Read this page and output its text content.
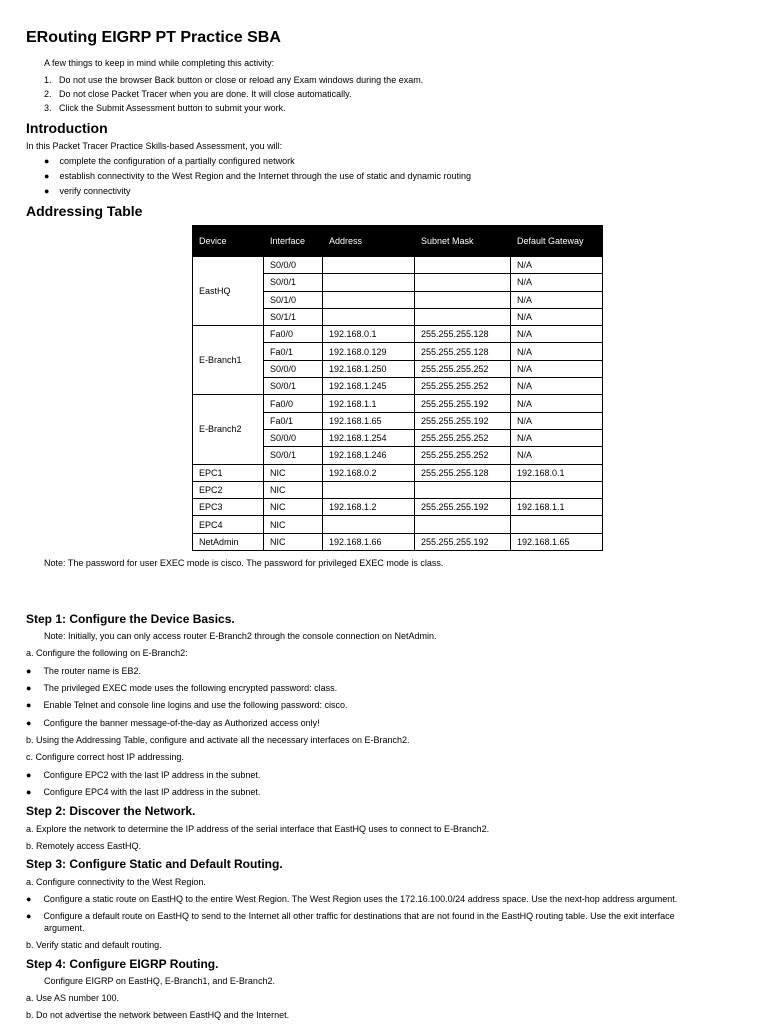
ERouting EIGRP PT Practice SBA
A few things to keep in mind while completing this activity:
1.   Do not use the browser Back button or close or reload any Exam windows during the exam.
2.   Do not close Packet Tracer when you are done. It will close automatically.
3.   Click the Submit Assessment button to submit your work.
Introduction
In this Packet Tracer Practice Skills-based Assessment, you will:
● complete the configuration of a partially configured network
● establish connectivity to the West Region and the Internet through the use of static and dynamic routing
● verify connectivity
Addressing Table
Device	Interface	Address	Subnet Mask	Default Gateway
EastHQ	S0/0/0			N/A
	S0/0/1			N/A
	S0/1/0			N/A
	S0/1/1			N/A
E-Branch1	Fa0/0	192.168.0.1	255.255.255.128	N/A
	Fa0/1	192.168.0.129	255.255.255.128	N/A
	S0/0/0	192.168.1.250	255.255.255.252	N/A
	S0/0/1	192.168.1.245	255.255.255.252	N/A
E-Branch2	Fa0/0	192.168.1.1	255.255.255.192	N/A
	Fa0/1	192.168.1.65	255.255.255.192	N/A
	S0/0/0	192.168.1.254	255.255.255.252	N/A
	S0/0/1	192.168.1.246	255.255.255.252	N/A
EPC1	NIC	192.168.0.2	255.255.255.128	192.168.0.1
EPC2	NIC			
EPC3	NIC	192.168.1.2	255.255.255.192	192.168.1.1
EPC4	NIC			
NetAdmin	NIC	192.168.1.66	255.255.255.192	192.168.1.65
Note: The password for user EXEC mode is cisco. The password for privileged EXEC mode is class.
Step 1: Configure the Device Basics.
Note: Initially, you can only access router E-Branch2 through the console connection on NetAdmin.
a. Configure the following on E-Branch2:
● The router name is EB2.
● The privileged EXEC mode uses the following encrypted password: class.
● Enable Telnet and console line logins and use the following password: cisco.
● Configure the banner message-of-the-day as Authorized access only!
b. Using the Addressing Table, configure and activate all the necessary interfaces on E-Branch2.
c. Configure correct host IP addressing.
● Configure EPC2 with the last IP address in the subnet.
● Configure EPC4 with the last IP address in the subnet.
Step 2: Discover the Network.
a. Explore the network to determine the IP address of the serial interface that EastHQ uses to connect to E-Branch2.
b. Remotely access EastHQ.
Step 3: Configure Static and Default Routing.
a. Configure connectivity to the West Region.
● Configure a static route on EastHQ to the entire West Region. The West Region uses the 172.16.100.0/24 address space. Use the next-hop address argument.
● Configure a default route on EastHQ to send to the Internet all other traffic for destinations that are not found in the EastHQ routing table. Use the exit interface
argument.
b. Verify static and default routing.
Step 4: Configure EIGRP Routing.
Configure EIGRP on EastHQ, E-Branch1, and E-Branch2.
a. Use AS number 100.
b. Do not advertise the network between EastHQ and the Internet.
